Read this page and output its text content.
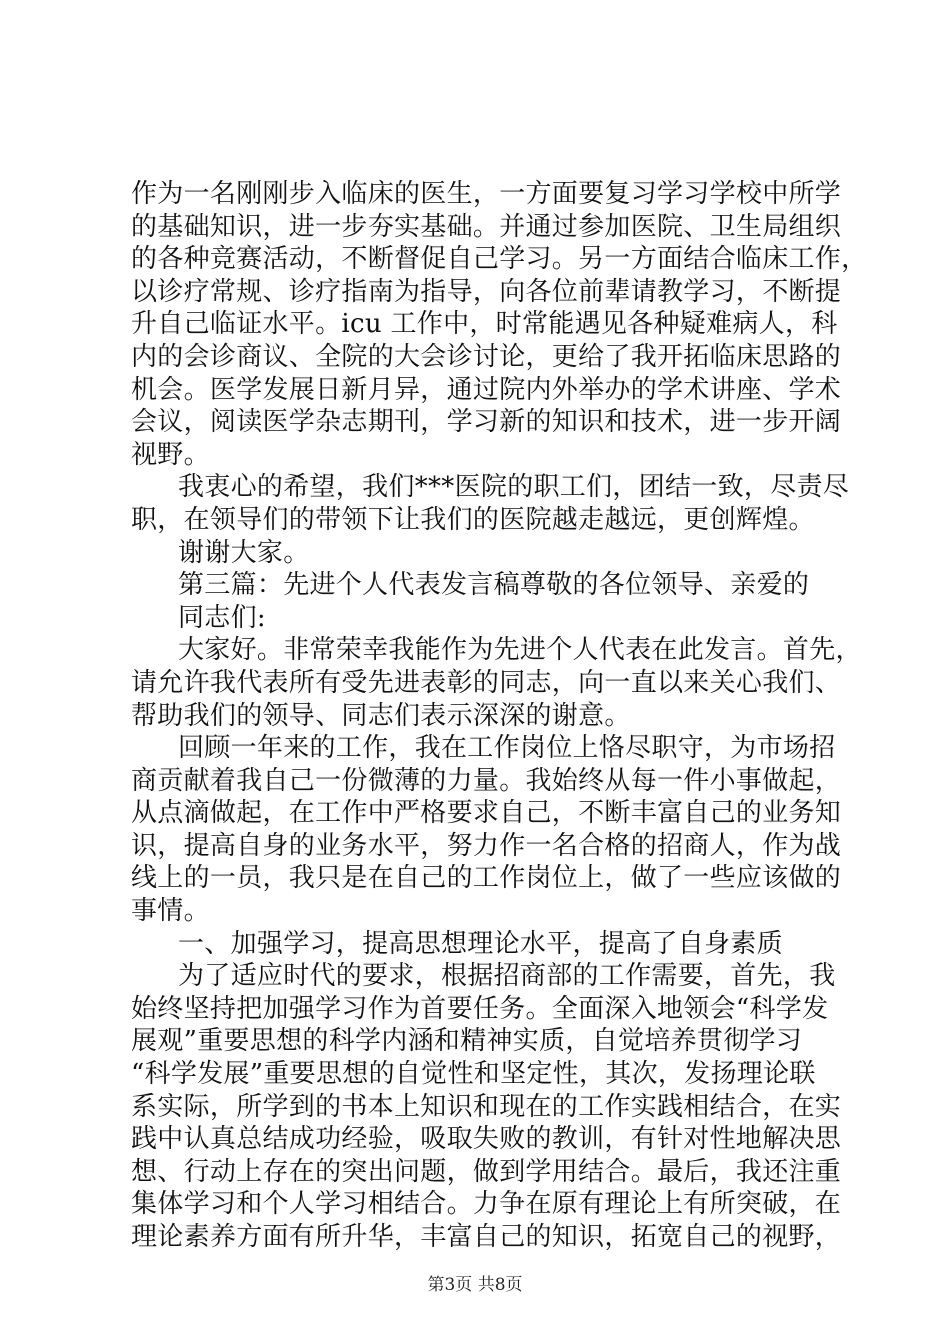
作为一名刚刚步入临床的医生，一方面要复习学习学校中所学
的基础知识，进一步夯实基础。并通过参加医院、卫生局组织
的各种竞赛活动，不断督促自己学习。另一方面结合临床工作，
以诊疗常规、诊疗指南为指导，向各位前辈请教学习，不断提
升自己临证水平。icu 工作中，时常能遇见各种疑难病人，科
内的会诊商议、全院的大会诊讨论，更给了我开拓临床思路的
机会。医学发展日新月异，通过院内外举办的学术讲座、学术
会议，阅读医学杂志期刊，学习新的知识和技术，进一步开阔
视野。
我衷心的希望，我们***医院的职工们，团结一致，尽责尽
职，在领导们的带领下让我们的医院越走越远，更创辉煌。
谢谢大家。
第三篇：先进个人代表发言稿尊敬的各位领导、亲爱的
同志们:
大家好。非常荣幸我能作为先进个人代表在此发言。首先，
请允许我代表所有受先进表彰的同志，向一直以来关心我们、
帮助我们的领导、同志们表示深深的谢意。
回顾一年来的工作，我在工作岗位上恪尽职守，为市场招
商贡献着我自己一份微薄的力量。我始终从每一件小事做起，
从点滴做起，在工作中严格要求自己，不断丰富自己的业务知
识，提高自身的业务水平，努力作一名合格的招商人，作为战
线上的一员，我只是在自己的工作岗位上，做了一些应该做的
事情。
一、加强学习，提高思想理论水平，提高了自身素质
为了适应时代的要求，根据招商部的工作需要，首先，我
始终坚持把加强学习作为首要任务。全面深入地领会“科学发
展观”重要思想的科学内涵和精神实质，自觉培养贯彻学习
“科学发展”重要思想的自觉性和坚定性，其次，发扬理论联
系实际，所学到的书本上知识和现在的工作实践相结合，在实
践中认真总结成功经验，吸取失败的教训，有针对性地解决思
想、行动上存在的突出问题，做到学用结合。最后，我还注重
集体学习和个人学习相结合。力争在原有理论上有所突破，在
理论素养方面有所升华，丰富自己的知识，拓宽自己的视野，
第3页 共8页
